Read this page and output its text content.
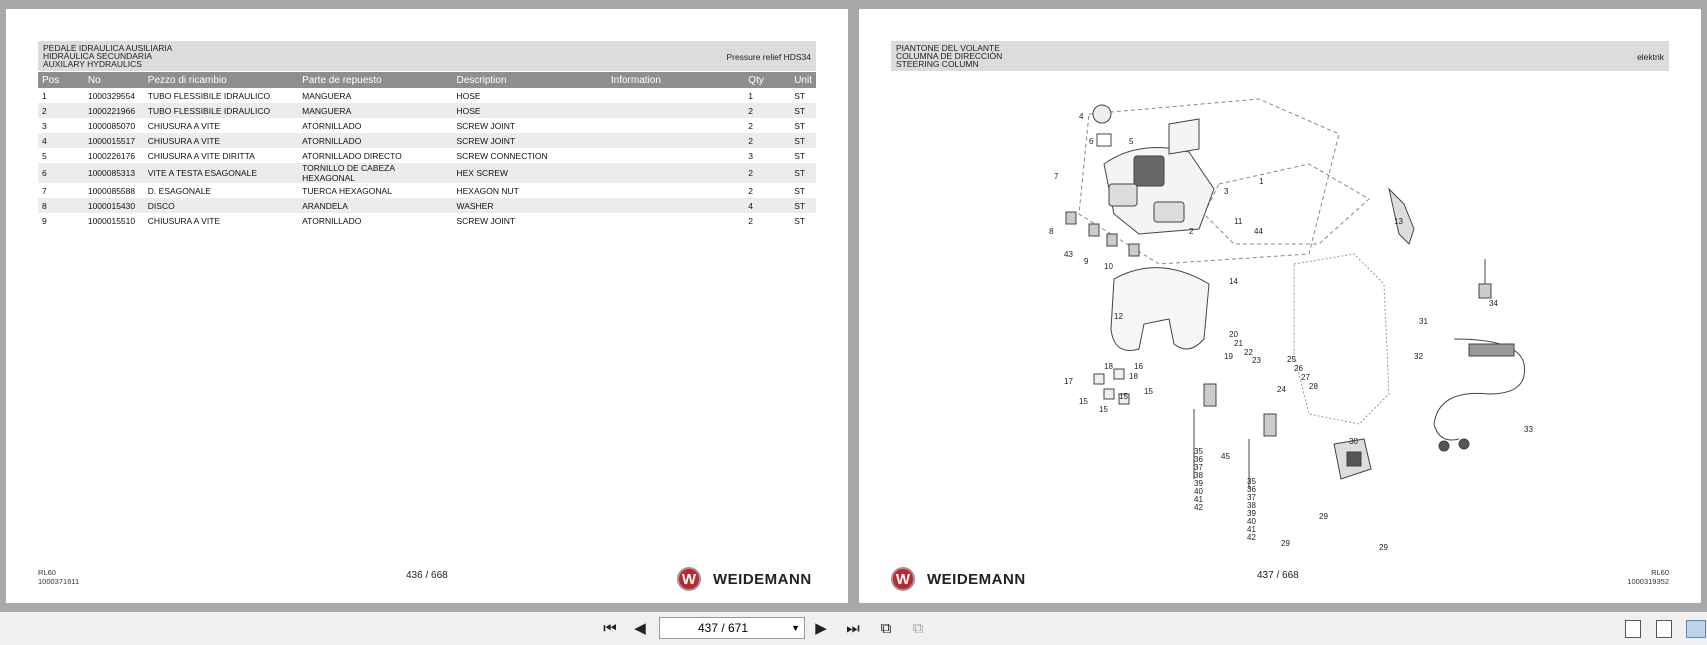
PEDALE IDRAULICA AUSILIARIA
HIDRÁULICA SECUNDARIA
AUXILARY HYDRAULICS
Pressure relief HDS34
Pos	No	Pezzo di ricambio	Parte de repuesto	Description	Information	Qty	Unit
1	1000329554	TUBO FLESSIBILE IDRAULICO	MANGUERA	HOSE		1	ST
2	1000221966	TUBO FLESSIBILE IDRAULICO	MANGUERA	HOSE		2	ST
3	1000085070	CHIUSURA A VITE	ATORNILLADO	SCREW JOINT		2	ST
4	1000015517	CHIUSURA A VITE	ATORNILLADO	SCREW JOINT		2	ST
5	1000226176	CHIUSURA A VITE DIRITTA	ATORNILLADO DIRECTO	SCREW CONNECTION		3	ST
6	1000085313	VITE A TESTA ESAGONALE	TORNILLO DE CABEZA HEXAGONAL	HEX SCREW		2	ST
7	1000085588	D. ESAGONALE	TUERCA HEXAGONAL	HEXAGON NUT		2	ST
8	1000015430	DISCO	ARANDELA	WASHER		4	ST
9	1000015510	CHIUSURA A VITE	ATORNILLADO	SCREW JOINT		2	ST
RL60
1000371611
436 / 668	W	WEIDEMANN
PIANTONE DEL VOLANTE
COLUMNA DE DIRECCIÓN
STEERING COLUMN
elektrik
1
2
3
4
5
6
7
8
9
10
11
12
13
14
15
15
15
15
16
17
18
18
20
21
22
19 23	25
26
27
28
24
29
29	29
30
31
32
33
34
35
36
37
38
39
40
41
42
35
36
37
38
39
40
41
42
43
44
45
W	WEIDEMANN	437 / 668	RL60
1000319352
⏮ ◀	437 / 671	▼ ▶ ⏭	⧉	⧉
